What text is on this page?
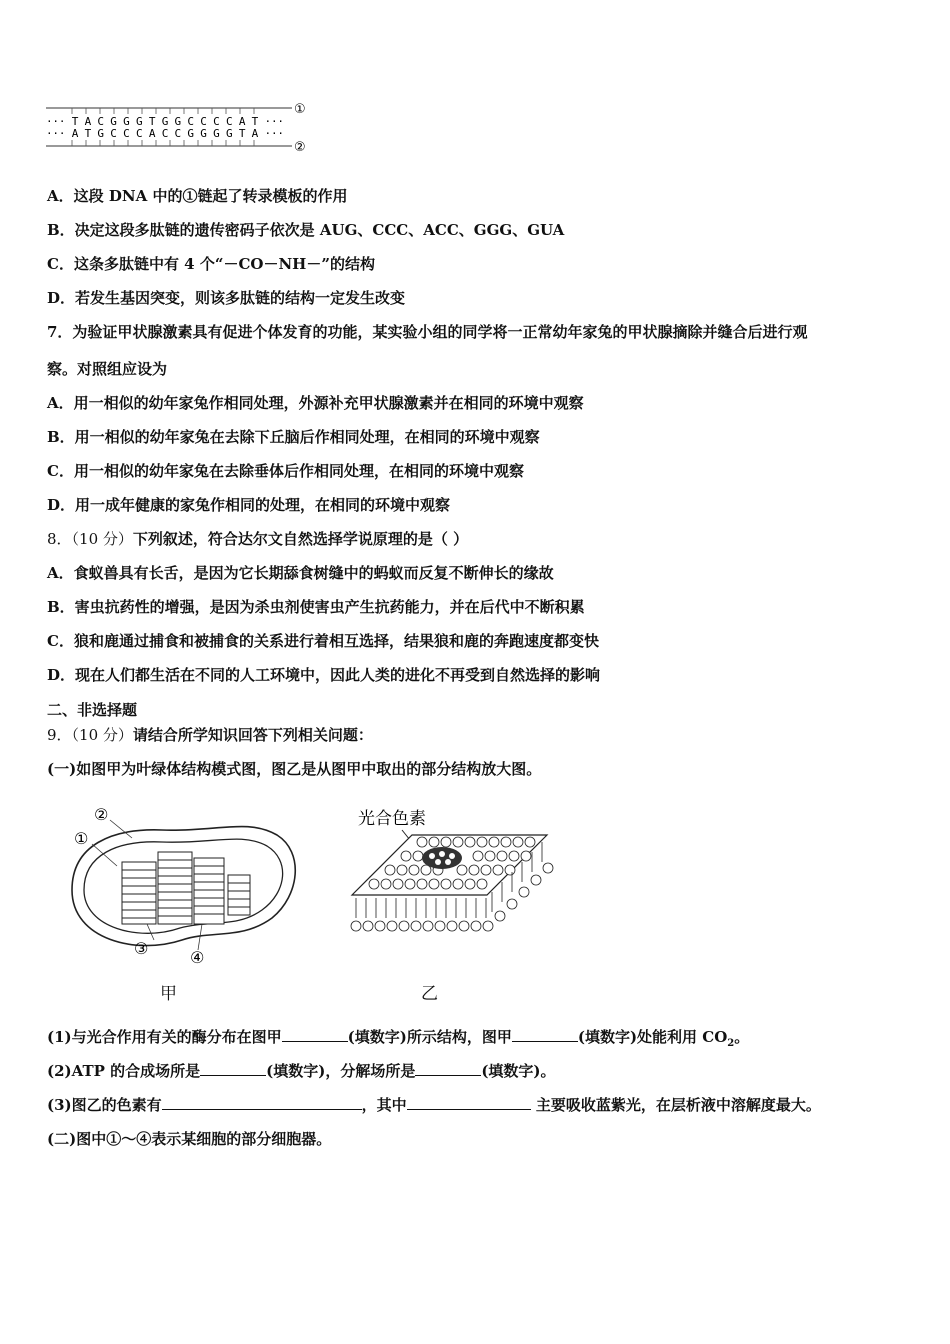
··· T A C G G G T G G C C C C A T ···
··· A T G C C C A C C G G G G T A ···
①
②
A．这段 DNA 中的①链起了转录模板的作用
B．决定这段多肽链的遗传密码子依次是 AUG、CCC、ACC、GGG、GUA
C．这条多肽链中有 4 个“－CO－NH－”的结构
D．若发生基因突变，则该多肽链的结构一定发生改变
7．为验证甲状腺激素具有促进个体发育的功能，某实验小组的同学将一正常幼年家兔的甲状腺摘除并缝合后进行观
察。对照组应设为
A．用一相似的幼年家兔作相同处理，外源补充甲状腺激素并在相同的环境中观察
B．用一相似的幼年家兔在去除下丘脑后作相同处理，在相同的环境中观察
C．用一相似的幼年家兔在去除垂体后作相同处理，在相同的环境中观察
D．用一成年健康的家兔作相同的处理，在相同的环境中观察
8．（10 分）下列叙述，符合达尔文自然选择学说原理的是（ ）
A．食蚁兽具有长舌，是因为它长期舔食树缝中的蚂蚁而反复不断伸长的缘故
B．害虫抗药性的增强，是因为杀虫剂使害虫产生抗药能力，并在后代中不断积累
C．狼和鹿通过捕食和被捕食的关系进行着相互选择，结果狼和鹿的奔跑速度都变快
D．现在人们都生活在不同的人工环境中，因此人类的进化不再受到自然选择的影响
二、非选择题
9．（10 分）请结合所学知识回答下列相关问题：
(一)如图甲为叶绿体结构模式图，图乙是从图甲中取出的部分结构放大图。
①
②
③	④
甲
光合色素
乙
(1)与光合作用有关的酶分布在图甲	(填数字)所示结构，图甲	(填数字)处能利用 $CO_2$。
(2)ATP 的合成场所是	(填数字)，分解场所是	(填数字)。
(3)图乙的色素有	，其中	主要吸收蓝紫光，在层析液中溶解度最大。
(二)图中①～④表示某细胞的部分细胞器。
